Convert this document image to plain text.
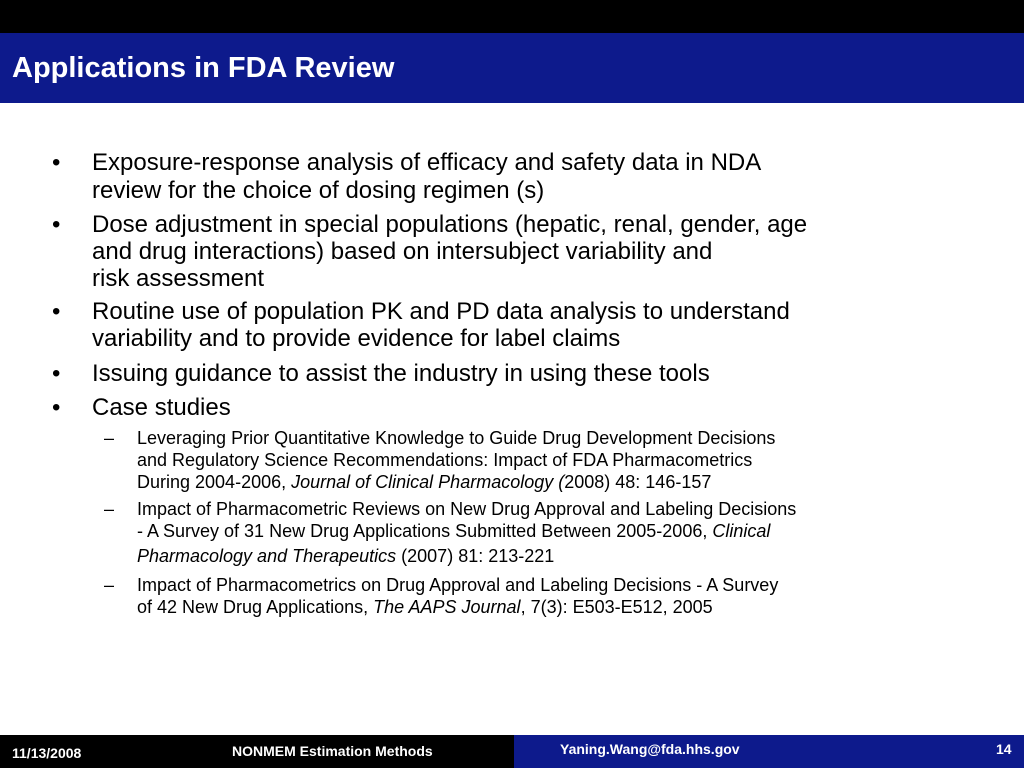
Applications in FDA Review
• Exposure-response analysis of efficacy and safety data in NDA
review for the choice of dosing regimen (s)
• Dose adjustment in special populations (hepatic, renal, gender, age
and drug interactions) based on intersubject variability and
risk assessment
• Routine use of population PK and PD data analysis to understand
variability and to provide evidence for label claims
• Issuing guidance to assist the industry in using these tools
• Case studies
– Leveraging Prior Quantitative Knowledge to Guide Drug Development Decisions
and Regulatory Science Recommendations: Impact of FDA Pharmacometrics
During 2004-2006, Journal of Clinical Pharmacology (2008) 48: 146-157
– Impact of Pharmacometric Reviews on New Drug Approval and Labeling Decisions
- A Survey of 31 New Drug Applications Submitted Between 2005-2006, Clinical
Pharmacology and Therapeutics (2007) 81: 213-221
– Impact of Pharmacometrics on Drug Approval and Labeling Decisions - A Survey
of 42 New Drug Applications, The AAPS Journal, 7(3): E503-E512, 2005
11/13/2008	NONMEM Estimation Methods	Yaning.Wang@fda.hhs.gov	14
